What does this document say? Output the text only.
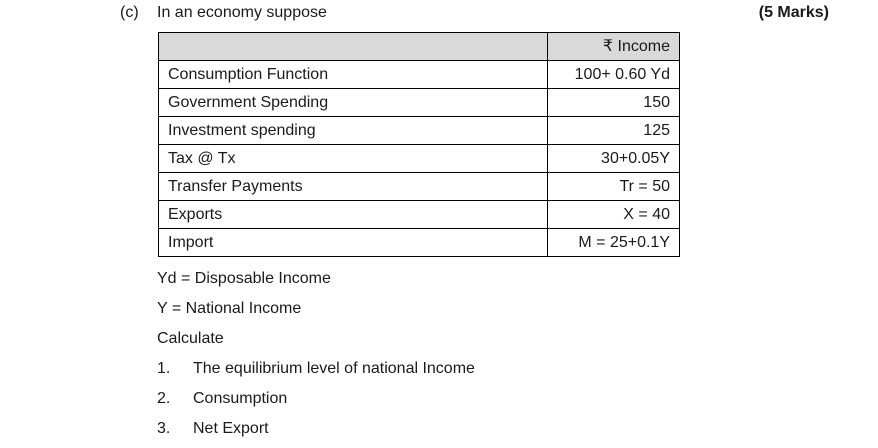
(c) In an economy suppose	(5 Marks)
	₹ Income
Consumption Function	100+ 0.60 Yd
Government Spending	150
Investment spending	125
Tax @ Tx	30+0.05Y
Transfer Payments	Tr = 50
Exports	X = 40
Import	M = 25+0.1Y
Yd = Disposable Income
Y = National Income
Calculate
1.	The equilibrium level of national Income
2.	Consumption
3.	Net Export
